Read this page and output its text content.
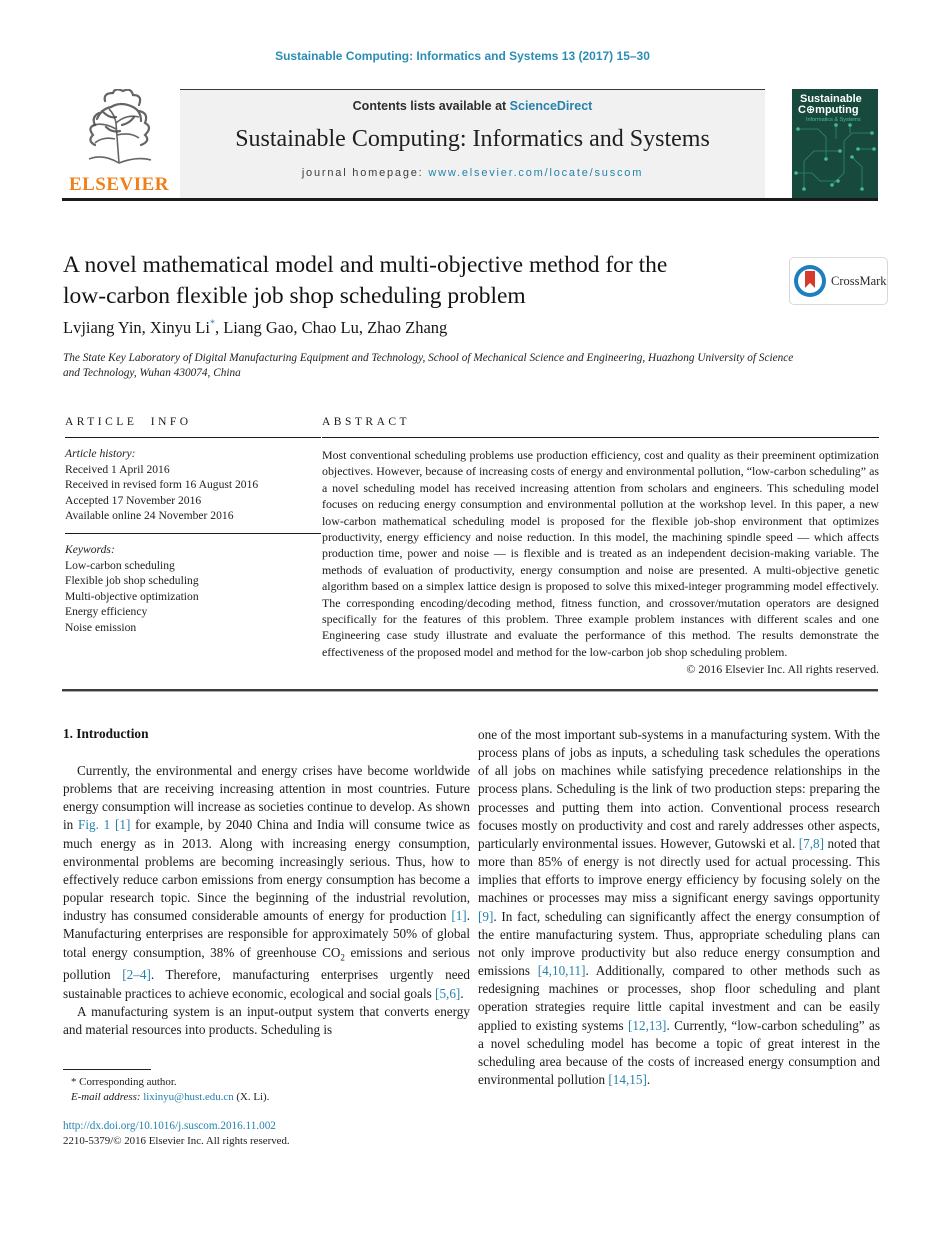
Sustainable Computing: Informatics and Systems 13 (2017) 15–30
ELSEVIER
Contents lists available at ScienceDirect
Sustainable Computing: Informatics and Systems
journal homepage: www.elsevier.com/locate/suscom
Sustainable
C⊕mputing
Informatics & Systems
A novel mathematical model and multi-objective method for the
low-carbon flexible job shop scheduling problem
CrossMark
Lvjiang Yin, Xinyu Li*, Liang Gao, Chao Lu, Zhao Zhang
The State Key Laboratory of Digital Manufacturing Equipment and Technology, School of Mechanical Science and Engineering, Huazhong University of Science and Technology, Wuhan 430074, China
ARTICLE INFO
Article history:
Received 1 April 2016
Received in revised form 16 August 2016
Accepted 17 November 2016
Available online 24 November 2016
Keywords:
Low-carbon scheduling
Flexible job shop scheduling
Multi-objective optimization
Energy efficiency
Noise emission
ABSTRACT
Most conventional scheduling problems use production efficiency, cost and quality as their preeminent optimization objectives. However, because of increasing costs of energy and environmental pollution, “low-carbon scheduling” as a novel scheduling model has received increasing attention from scholars and engineers. This scheduling model focuses on reducing energy consumption and environmental pollution at the workshop level. In this paper, a new low-carbon mathematical scheduling model is proposed for the flexible job-shop environment that optimizes productivity, energy efficiency and noise reduction. In this model, the machining spindle speed — which affects production time, power and noise — is flexible and is treated as an independent decision-making variable. The methods of evaluation of productivity, energy consumption and noise are presented. A multi-objective genetic algorithm based on a simplex lattice design is proposed to solve this mixed-integer programming model effectively. The corresponding encoding/decoding method, fitness function, and crossover/mutation operators are designed specifically for the features of this problem. Three example problem instances with different scales and one Engineering case study illustrate and evaluate the performance of this method. The results demonstrate the effectiveness of the proposed model and method for the low-carbon job shop scheduling problem.
© 2016 Elsevier Inc. All rights reserved.
1. Introduction

Currently, the environmental and energy crises have become worldwide problems that are receiving increasing attention in most countries. Future energy consumption will increase as societies continue to develop. As shown in Fig. 1 [1] for example, by 2040 China and India will consume twice as much energy as in 2013. Along with increasing energy consumption, environmental problems are becoming increasingly serious. Thus, how to effectively reduce carbon emissions from energy consumption has become a popular research topic. Since the beginning of the industrial revolution, industry has consumed considerable amounts of energy for production [1]. Manufacturing enterprises are responsible for approximately 50% of global total energy consumption, 38% of greenhouse $CO_2$ emissions and serious pollution [2–4]. Therefore, manufacturing enterprises urgently need sustainable practices to achieve economic, ecological and social goals [5,6].

A manufacturing system is an input-output system that converts energy and material resources into products. Scheduling is

one of the most important sub-systems in a manufacturing system. With the process plans of jobs as inputs, a scheduling task schedules the operations of all jobs on machines while satisfying precedence relationships in the process plans. Scheduling is the link of two production steps: preparing the processes and putting them into action. Conventional process research focuses mostly on productivity and cost and rarely addresses other aspects, particularly environmental issues. However, Gutowski et al. [7,8] noted that more than 85% of energy is not directly used for actual processing. This implies that efforts to improve energy efficiency by focusing solely on the machines or processes may miss a significant energy savings opportunity [9]. In fact, scheduling can significantly affect the energy consumption of the entire manufacturing system. Thus, appropriate scheduling plans can not only improve productivity but also reduce energy consumption and emissions [4,10,11]. Additionally, compared to other methods such as redesigning machines or processes, shop floor scheduling and plant operation strategies require little capital investment and can be easily applied to existing systems [12,13]. Currently, “low-carbon scheduling” as a novel scheduling model has become a topic of great interest in the scheduling area because of the costs of increased energy consumption and environmental pollution [14,15].

* Corresponding author.
E-mail address: lixinyu@hust.edu.cn (X. Li).
http://dx.doi.org/10.1016/j.suscom.2016.11.002
2210-5379/© 2016 Elsevier Inc. All rights reserved.
